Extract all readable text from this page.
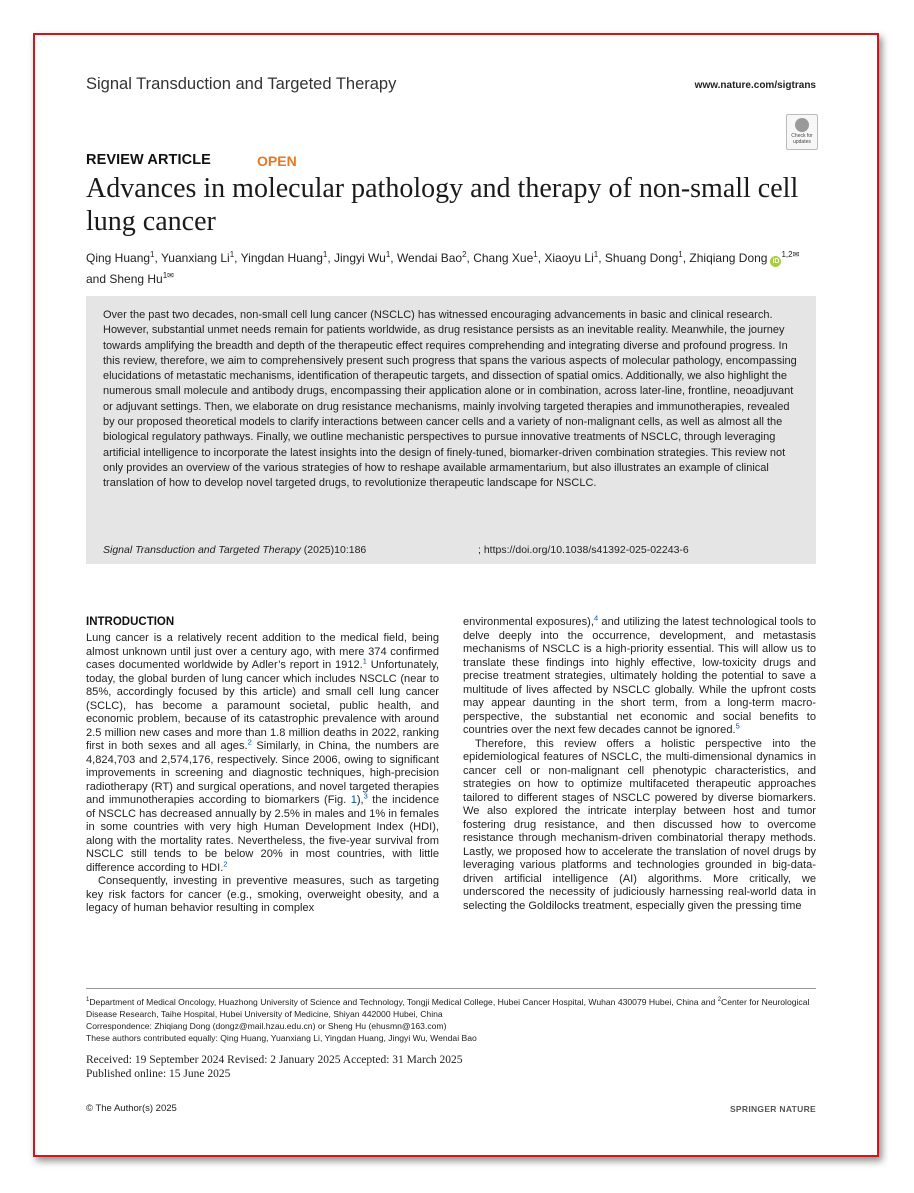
Signal Transduction and Targeted Therapy	www.nature.com/sigtrans
Check for updates
REVIEW ARTICLE	OPEN
Advances in molecular pathology and therapy of non-small cell lung cancer
Qing Huang$^1$, Yuanxiang Li$^1$, Yingdan Huang$^1$, Jingyi Wu$^1$, Wendai Bao$^2$, Chang Xue$^1$, Xiaoyu Li$^1$, Shuang Dong$^1$, Zhiqiang Dong $iD^{1,2✉}$ and Sheng $Hu^{1✉}$

Over the past two decades, non-small cell lung cancer (NSCLC) has witnessed encouraging advancements in basic and clinical research. However, substantial unmet needs remain for patients worldwide, as drug resistance persists as an inevitable reality. Meanwhile, the journey towards amplifying the breadth and depth of the therapeutic effect requires comprehending and integrating diverse and profound progress. In this review, therefore, we aim to comprehensively present such progress that spans the various aspects of molecular pathology, encompassing elucidations of metastatic mechanisms, identification of therapeutic targets, and dissection of spatial omics. Additionally, we also highlight the numerous small molecule and antibody drugs, encompassing their application alone or in combination, across later-line, frontline, neoadjuvant or adjuvant settings. Then, we elaborate on drug resistance mechanisms, mainly involving targeted therapies and immunotherapies, revealed by our proposed theoretical models to clarify interactions between cancer cells and a variety of non-malignant cells, as well as almost all the biological regulatory pathways. Finally, we outline mechanistic perspectives to pursue innovative treatments of NSCLC, through leveraging artificial intelligence to incorporate the latest insights into the design of finely-tuned, biomarker-driven combination strategies. This review not only provides an overview of the various strategies of how to reshape available armamentarium, but also illustrates an example of clinical translation of how to develop novel targeted drugs, to revolutionize therapeutic landscape for NSCLC.

Signal Transduction and Targeted Therapy (2025)10:186	; https://doi.org/10.1038/s41392-025-02243-6
INTRODUCTION

Lung cancer is a relatively recent addition to the medical field, being almost unknown until just over a century ago, with mere 374 confirmed cases documented worldwide by Adler’s report in 1912.$^1$ Unfortunately, today, the global burden of lung cancer which includes NSCLC (near to 85%, accordingly focused by this article) and small cell lung cancer (SCLC), has become a paramount societal, public health, and economic problem, because of its catastrophic prevalence with around 2.5 million new cases and more than 1.8 million deaths in 2022, ranking first in both sexes and all ages.$^2$ Similarly, in China, the numbers are 4,824,703 and 2,574,176, respectively. Since 2006, owing to significant improvements in screening and diagnostic techniques, high-precision radiotherapy (RT) and surgical operations, and novel targeted therapies and immunotherapies according to biomarkers (Fig. 1),$^3$ the incidence of NSCLC has decreased annually by 2.5% in males and 1% in females in some countries with very high Human Development Index (HDI), along with the mortality rates. Nevertheless, the five-year survival from NSCLC still tends to be below 20% in most countries, with little difference according to HDI.$^2$

Consequently, investing in preventive measures, such as targeting key risk factors for cancer (e.g., smoking, overweight obesity, and a legacy of human behavior resulting in complex

environmental exposures),$^4$ and utilizing the latest technological tools to delve deeply into the occurrence, development, and metastasis mechanisms of NSCLC is a high-priority essential. This will allow us to translate these findings into highly effective, low-toxicity drugs and precise treatment strategies, ultimately holding the potential to save a multitude of lives affected by NSCLC globally. While the upfront costs may appear daunting in the short term, from a long-term macro-perspective, the substantial net economic and social benefits to countries over the next few decades cannot be ignored.$^5$

Therefore, this review offers a holistic perspective into the epidemiological features of NSCLC, the multi-dimensional dynamics in cancer cell or non-malignant cell phenotypic characteristics, and strategies on how to optimize multifaceted therapeutic approaches tailored to different stages of NSCLC powered by diverse biomarkers. We also explored the intricate interplay between host and tumor fostering drug resistance, and then discussed how to overcome resistance through mechanism-driven combinatorial therapy methods. Lastly, we proposed how to accelerate the translation of novel drugs by leveraging various platforms and technologies grounded in big-data-driven artificial intelligence (AI) algorithms. More critically, we underscored the necessity of judiciously harnessing real-world data in selecting the Goldilocks treatment, especially given the pressing time

$^1$Department of Medical Oncology, Huazhong University of Science and Technology, Tongji Medical College, Hubei Cancer Hospital, Wuhan 430079 Hubei, China and $^2$Center for Neurological Disease Research, Taihe Hospital, Hubei University of Medicine, Shiyan 442000 Hubei, China
Correspondence: Zhiqiang Dong (dongz@mail.hzau.edu.cn) or Sheng Hu (ehusmn@163.com)
These authors contributed equally: Qing Huang, Yuanxiang Li, Yingdan Huang, Jingyi Wu, Wendai Bao
Received: 19 September 2024 Revised: 2 January 2025 Accepted: 31 March 2025
Published online: 15 June 2025
© The Author(s) 2025	SPRINGER NATURE
